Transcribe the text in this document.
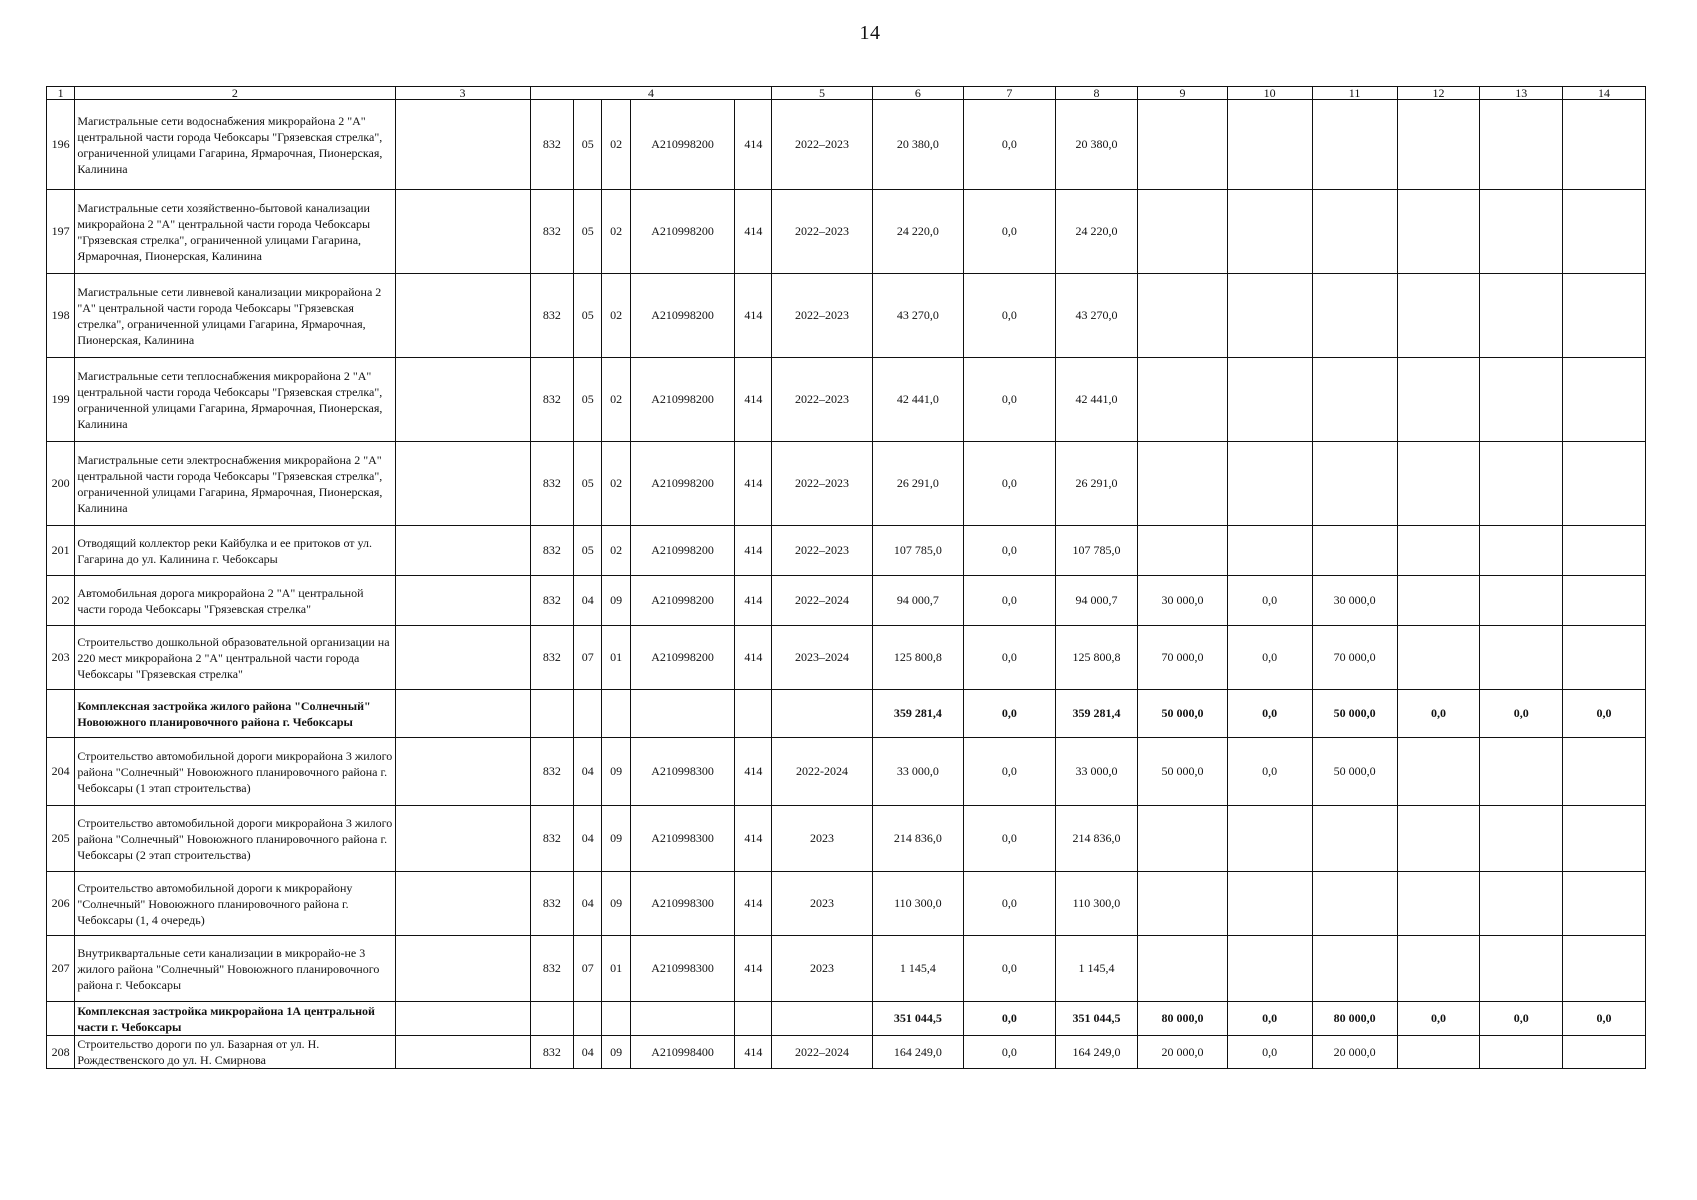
14
1	2	3	4					5	6	7	8	9	10	11	12	13	14
196	Магистральные сети водоснабжения микрорайона 2 "А" центральной части города Чебоксары "Грязевская стрелка", ограниченной улицами Гагарина, Ярмарочная, Пионерская, Калинина		832	05	02	А210998200	414	2022–2023	20 380,0	0,0	20 380,0						
197	Магистральные сети хозяйственно-бытовой канализации микрорайона 2 "А" центральной части города Чебоксары "Грязевская стрелка", ограниченной улицами Гагарина, Ярмарочная, Пионерская, Калинина		832	05	02	А210998200	414	2022–2023	24 220,0	0,0	24 220,0						
198	Магистральные сети ливневой канализации микрорайона 2 "А" центральной части города Чебоксары "Грязевская стрелка", ограниченной улицами Гагарина, Ярмарочная, Пионерская, Калинина		832	05	02	А210998200	414	2022–2023	43 270,0	0,0	43 270,0						
199	Магистральные сети теплоснабжения микрорайона 2 "А" центральной части города Чебоксары "Грязевская стрелка", ограниченной улицами Гагарина, Ярмарочная, Пионерская, Калинина		832	05	02	А210998200	414	2022–2023	42 441,0	0,0	42 441,0						
200	Магистральные сети электроснабжения микрорайона 2 "А" центральной части города Чебоксары "Грязевская стрелка", ограниченной улицами Гагарина, Ярмарочная, Пионерская, Калинина		832	05	02	А210998200	414	2022–2023	26 291,0	0,0	26 291,0						
201	Отводящий коллектор реки Кайбулка и ее притоков от ул. Гагарина до ул. Калинина г. Чебоксары		832	05	02	А210998200	414	2022–2023	107 785,0	0,0	107 785,0						
202	Автомобильная дорога микрорайона 2 "А" центральной части города Чебоксары "Грязевская стрелка"		832	04	09	А210998200	414	2022–2024	94 000,7	0,0	94 000,7	30 000,0	0,0	30 000,0			
203	Строительство дошкольной образовательной организации на 220 мест микрорайона 2 "А" центральной части города Чебоксары "Грязевская стрелка"		832	07	01	А210998200	414	2023–2024	125 800,8	0,0	125 800,8	70 000,0	0,0	70 000,0			
	Комплексная застройка жилого района "Солнечный" Новоюжного планировочного района г. Чебоксары								359 281,4	0,0	359 281,4	50 000,0	0,0	50 000,0	0,0	0,0	0,0
204	Строительство автомобильной дороги микрорайона 3 жилого района "Солнечный" Новоюжного планировочного района г. Чебоксары (1 этап строительства)		832	04	09	А210998300	414	2022-2024	33 000,0	0,0	33 000,0	50 000,0	0,0	50 000,0			
205	Строительство автомобильной дороги микрорайона 3 жилого района "Солнечный" Новоюжного планировочного района г. Чебоксары (2 этап строительства)		832	04	09	А210998300	414	2023	214 836,0	0,0	214 836,0						
206	Строительство автомобильной дороги к микрорайону "Солнечный" Новоюжного планировочного района г. Чебоксары (1, 4 очередь)		832	04	09	А210998300	414	2023	110 300,0	0,0	110 300,0						
207	Внутриквартальные сети канализации в микрорайо-не 3 жилого района "Солнечный" Новоюжного планировочного района г. Чебоксары		832	07	01	А210998300	414	2023	1 145,4	0,0	1 145,4						
	Комплексная застройка микрорайона 1А центральной части г. Чебоксары								351 044,5	0,0	351 044,5	80 000,0	0,0	80 000,0	0,0	0,0	0,0
208	Строительство дороги по ул. Базарная от ул. Н. Рождественского до ул. Н. Смирнова		832	04	09	А210998400	414	2022–2024	164 249,0	0,0	164 249,0	20 000,0	0,0	20 000,0			
